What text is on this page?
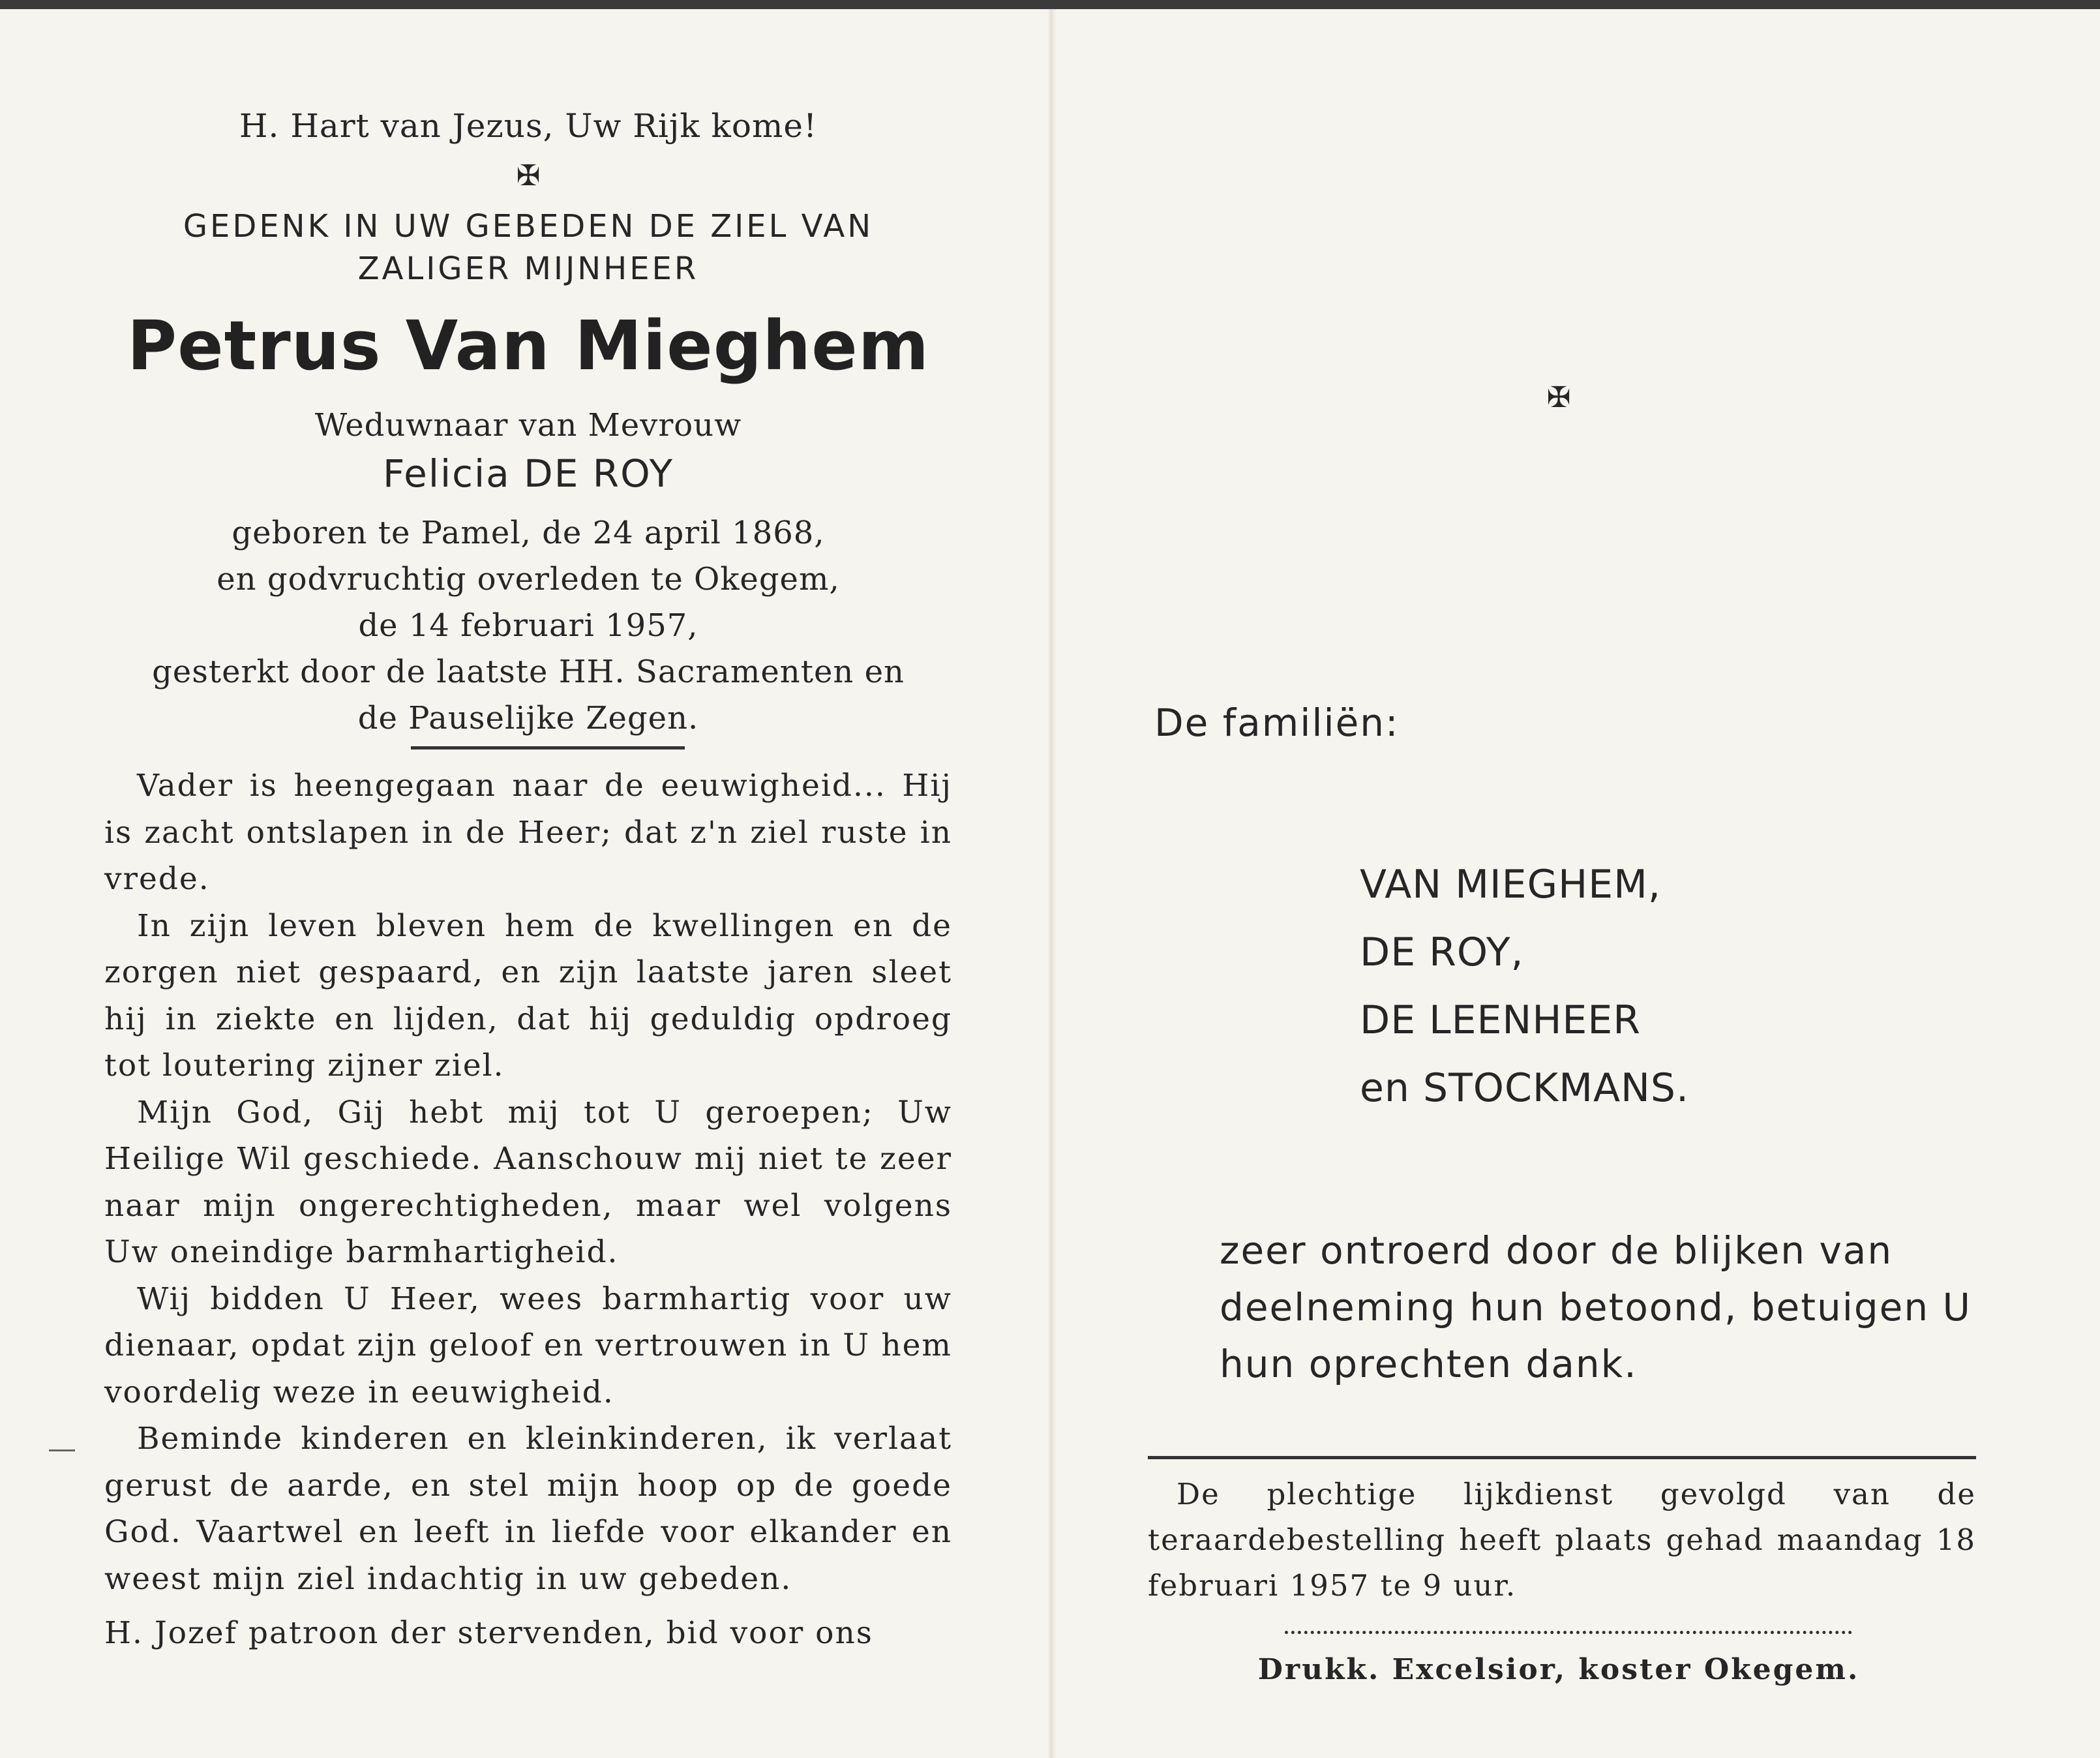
H. Hart van Jezus, Uw Rijk kome!
✠
GEDENK IN UW GEBEDEN DE ZIEL VAN
ZALIGER MIJNHEER
Petrus Van Mieghem
Weduwnaar van Mevrouw
Felicia DE ROY
geboren te Pamel, de 24 april 1868,
en godvruchtig overleden te Okegem,
de 14 februari 1957,
gesterkt door de laatste HH. Sacramenten en
de Pauselijke Zegen.

Vader is heengegaan naar de eeuwigheid... Hij is zacht ontslapen in de Heer; dat z'n ziel ruste in vrede.

In zijn leven bleven hem de kwellingen en de zorgen niet gespaard, en zijn laatste jaren sleet hij in ziekte en lijden, dat hij geduldig opdroeg tot loutering zijner ziel.

Mijn God, Gij hebt mij tot U geroepen; Uw Heilige Wil geschiede. Aanschouw mij niet te zeer naar mijn ongerechtigheden, maar wel volgens Uw oneindige barmhartigheid.

Wij bidden U Heer, wees barmhartig voor uw dienaar, opdat zijn geloof en vertrouwen in U hem voordelig weze in eeuwigheid.

Beminde kinderen en kleinkinderen, ik verlaat gerust de aarde, en stel mijn hoop op de goede God. Vaartwel en leeft in liefde voor elkander en weest mijn ziel indachtig in uw gebeden.

H. Jozef patroon der stervenden, bid voor ons

✠
De familiën:
VAN MIEGHEM,
DE ROY,
DE LEENHEER
en STOCKMANS.
zeer ontroerd door de blijken van deelneming hun betoond, betuigen U hun oprechten dank.

De plechtige lijkdienst gevolgd van de teraardebestelling heeft plaats gehad maandag 18 februari 1957 te 9 uur.

Drukk. Excelsior, koster Okegem.
